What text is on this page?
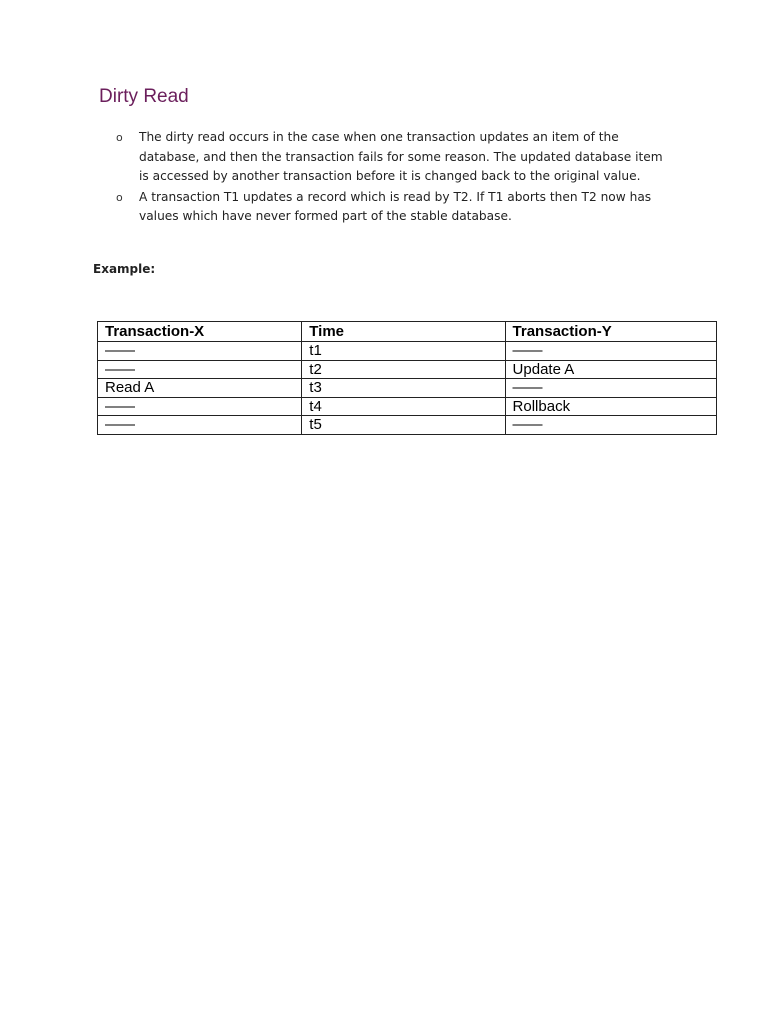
Dirty Read
o The dirty read occurs in the case when one transaction updates an item of the database, and then the transaction fails for some reason. The updated database item is accessed by another transaction before it is changed back to the original value.
o A transaction T1 updates a record which is read by T2. If T1 aborts then T2 now has values which have never formed part of the stable database.
Example:
Transaction-X	Time	Transaction-Y
——	t1	——
——	t2	Update A
Read A	t3	——
——	t4	Rollback
——	t5	——
